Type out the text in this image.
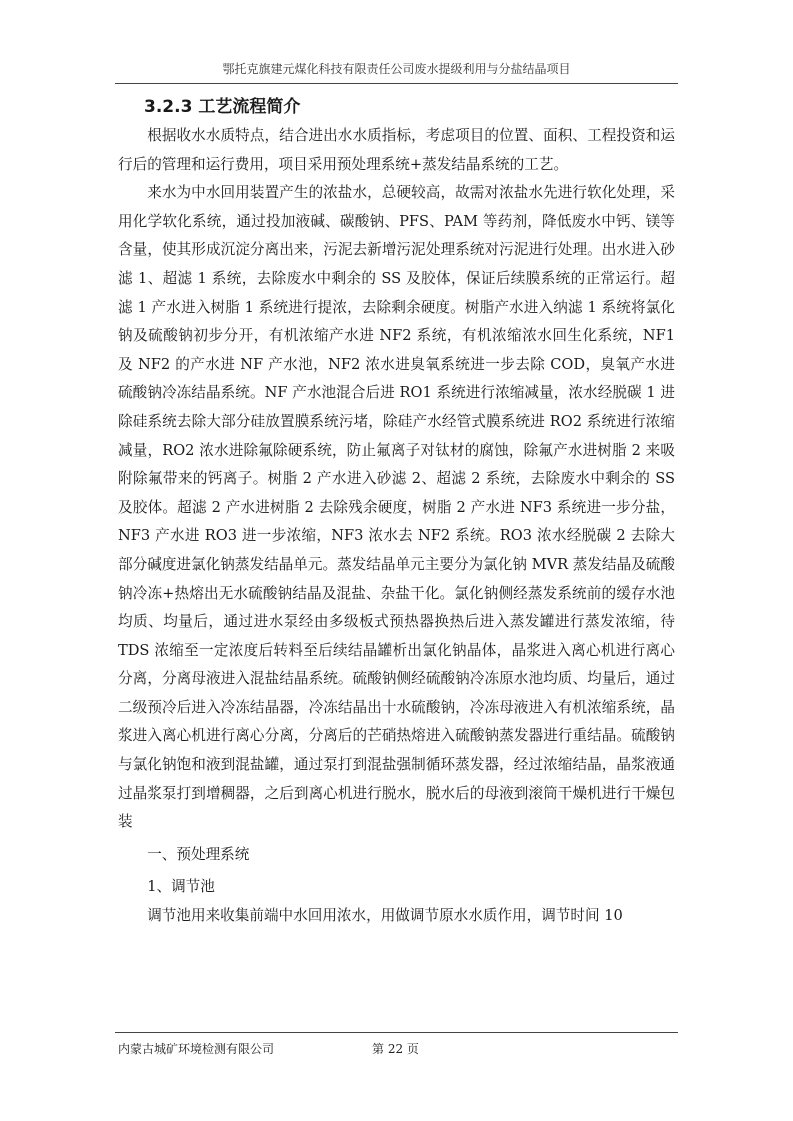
鄂托克旗建元煤化科技有限责任公司废水提级利用与分盐结晶项目
3.2.3 工艺流程简介

根据收水水质特点，结合进出水水质指标，考虑项目的位置、面积、工程投资和运行后的管理和运行费用，项目采用预处理系统+蒸发结晶系统的工艺。

来水为中水回用装置产生的浓盐水，总硬较高，故需对浓盐水先进行软化处理，采用化学软化系统，通过投加液碱、碳酸钠、PFS、PAM 等药剂，降低废水中钙、镁等含量，使其形成沉淀分离出来，污泥去新增污泥处理系统对污泥进行处理。出水进入砂滤 1、超滤 1 系统，去除废水中剩余的 SS 及胶体，保证后续膜系统的正常运行。超滤 1 产水进入树脂 1 系统进行提浓，去除剩余硬度。树脂产水进入纳滤 1 系统将氯化钠及硫酸钠初步分开，有机浓缩产水进 NF2 系统，有机浓缩浓水回生化系统，NF1 及 NF2 的产水进 NF 产水池，NF2 浓水进臭氧系统进一步去除 COD，臭氧产水进硫酸钠冷冻结晶系统。NF 产水池混合后进 RO1 系统进行浓缩减量，浓水经脱碳 1 进除硅系统去除大部分硅放置膜系统污堵，除硅产水经管式膜系统进 RO2 系统进行浓缩减量，RO2 浓水进除氟除硬系统，防止氟离子对钛材的腐蚀，除氟产水进树脂 2 来吸附除氟带来的钙离子。树脂 2 产水进入砂滤 2、超滤 2 系统，去除废水中剩余的 SS 及胶体。超滤 2 产水进树脂 2 去除残余硬度，树脂 2 产水进 NF3 系统进一步分盐，NF3 产水进 RO3 进一步浓缩，NF3 浓水去 NF2 系统。RO3 浓水经脱碳 2 去除大部分碱度进氯化钠蒸发结晶单元。蒸发结晶单元主要分为氯化钠 MVR 蒸发结晶及硫酸钠冷冻+热熔出无水硫酸钠结晶及混盐、杂盐干化。氯化钠侧经蒸发系统前的缓存水池均质、均量后，通过进水泵经由多级板式预热器换热后进入蒸发罐进行蒸发浓缩，待 TDS 浓缩至一定浓度后转料至后续结晶罐析出氯化钠晶体，晶浆进入离心机进行离心分离，分离母液进入混盐结晶系统。硫酸钠侧经硫酸钠冷冻原水池均质、均量后，通过二级预冷后进入冷冻结晶器，冷冻结晶出十水硫酸钠，冷冻母液进入有机浓缩系统，晶浆进入离心机进行离心分离，分离后的芒硝热熔进入硫酸钠蒸发器进行重结晶。硫酸钠与氯化钠饱和液到混盐罐，通过泵打到混盐强制循环蒸发器，经过浓缩结晶，晶浆液通过晶浆泵打到增稠器，之后到离心机进行脱水，脱水后的母液到滚筒干燥机进行干燥包装

一、预处理系统

1、调节池

调节池用来收集前端中水回用浓水，用做调节原水水质作用，调节时间 10

内蒙古城矿环境检测有限公司	第 22 页
